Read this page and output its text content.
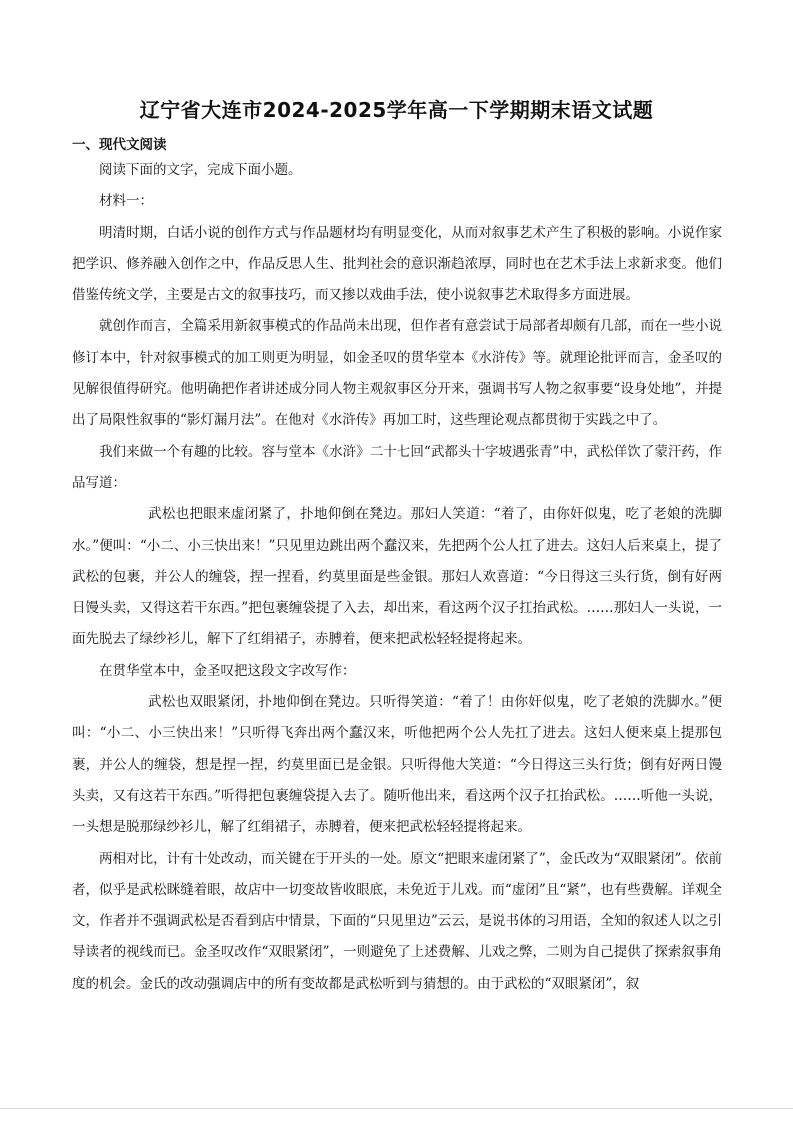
辽宁省大连市2024-2025学年高一下学期期末语文试题
一、现代文阅读

阅读下面的文字，完成下面小题。

材料一：

明清时期，白话小说的创作方式与作品题材均有明显变化，从而对叙事艺术产生了积极的影响。小说作家把学识、修养融入创作之中，作品反思人生、批判社会的意识渐趋浓厚，同时也在艺术手法上求新求变。他们借鉴传统文学，主要是古文的叙事技巧，而又掺以戏曲手法，使小说叙事艺术取得多方面进展。

就创作而言，全篇采用新叙事模式的作品尚未出现，但作者有意尝试于局部者却颇有几部，而在一些小说修订本中，针对叙事模式的加工则更为明显，如金圣叹的贯华堂本《水浒传》等。就理论批评而言，金圣叹的见解很值得研究。他明确把作者讲述成分同人物主观叙事区分开来，强调书写人物之叙事要“设身处地”，并提出了局限性叙事的“影灯漏月法”。在他对《水浒传》再加工时，这些理论观点都贯彻于实践之中了。

我们来做一个有趣的比较。容与堂本《水浒》二十七回“武都头十字坡遇张青”中，武松佯饮了蒙汗药，作品写道：

武松也把眼来虚闭紧了，扑地仰倒在凳边。那妇人笑道：“着了，由你奸似鬼，吃了老娘的洗脚水。”便叫：“小二、小三快出来！”只见里边跳出两个蠢汉来，先把两个公人扛了进去。这妇人后来桌上，提了武松的包裹，并公人的缠袋，捏一捏看，约莫里面是些金银。那妇人欢喜道：“今日得这三头行货，倒有好两日馒头卖，又得这若干东西。”把包裹缠袋提了入去，却出来，看这两个汉子扛抬武松。……那妇人一头说，一面先脱去了绿纱衫儿，解下了红绢裙子，赤膊着，便来把武松轻轻提将起来。

在贯华堂本中，金圣叹把这段文字改写作：

武松也双眼紧闭，扑地仰倒在凳边。只听得笑道：“着了！由你奸似鬼，吃了老娘的洗脚水。”便叫：“小二、小三快出来！”只听得飞奔出两个蠢汉来，听他把两个公人先扛了进去。这妇人便来桌上提那包裹，并公人的缠袋，想是捏一捏，约莫里面已是金银。只听得他大笑道：“今日得这三头行货；倒有好两日馒头卖，又有这若干东西。”听得把包裹缠袋提入去了。随听他出来，看这两个汉子扛抬武松。……听他一头说，一头想是脱那绿纱衫儿，解了红绢裙子，赤膊着，便来把武松轻轻提将起来。

两相对比，计有十处改动，而关键在于开头的一处。原文“把眼来虚闭紧了”，金氏改为“双眼紧闭”。依前者，似乎是武松眯缝着眼，故店中一切变故皆收眼底，未免近于儿戏。而“虚闭”且“紧”，也有些费解。详观全文，作者并不强调武松是否看到店中情景，下面的“只见里边”云云，是说书体的习用语，全知的叙述人以之引导读者的视线而已。金圣叹改作“双眼紧闭”，一则避免了上述费解、儿戏之弊，二则为自己提供了探索叙事角度的机会。金氏的改动强调店中的所有变故都是武松听到与猜想的。由于武松的“双眼紧闭”，叙
